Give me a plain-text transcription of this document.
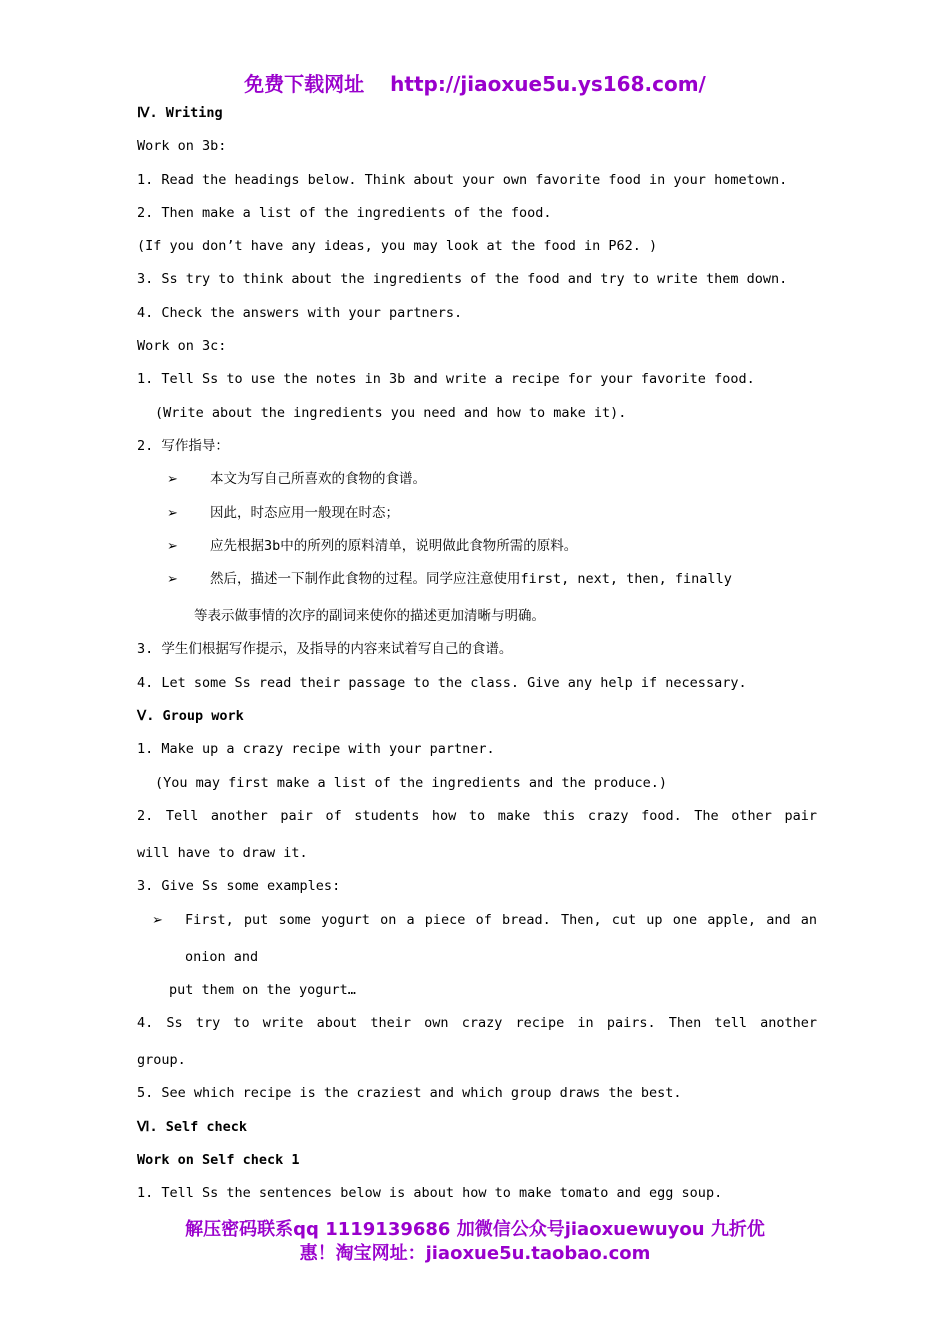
免费下载网址 http://jiaoxue5u.ys168.com/
Ⅳ. Writing
Work on 3b:
1. Read the headings below. Think about your own favorite food in your hometown.
2. Then make a list of the ingredients of the food.
(If you don’t have any ideas, you may look at the food in P62. )
3. Ss try to think about the ingredients of the food and try to write them down.
4. Check the answers with your partners.
Work on 3c:
1. Tell Ss to use the notes in 3b and write a recipe for your favorite food.
(Write about the ingredients you need and how to make it).
2. 写作指导：
➢ 本文为写自己所喜欢的食物的食谱。
➢ 因此，时态应用一般现在时态；
➢ 应先根据3b中的所列的原料清单，说明做此食物所需的原料。
➢ 然后，描述一下制作此食物的过程。同学应注意使用first, next, then, finally
等表示做事情的次序的副词来使你的描述更加清晰与明确。
3. 学生们根据写作提示，及指导的内容来试着写自己的食谱。
4. Let some Ss read their passage to the class. Give any help if necessary.
Ⅴ. Group work
1. Make up a crazy recipe with your partner.
(You may first make a list of the ingredients and the produce.)
2. Tell another pair of students how to make this crazy food. The other pair
will have to draw it.
3. Give Ss some examples:
➢ First, put some yogurt on a piece of bread. Then, cut up one apple, and an
onion and
put them on the yogurt…
4. Ss try to write about their own crazy recipe in pairs. Then tell another
group.
5. See which recipe is the craziest and which group draws the best.
Ⅵ. Self check
Work on Self check 1
1. Tell Ss the sentences below is about how to make tomato and egg soup.
解压密码联系qq 1119139686 加微信公众号jiaoxuewuyou 九折优
惠！淘宝网址：jiaoxue5u.taobao.com
